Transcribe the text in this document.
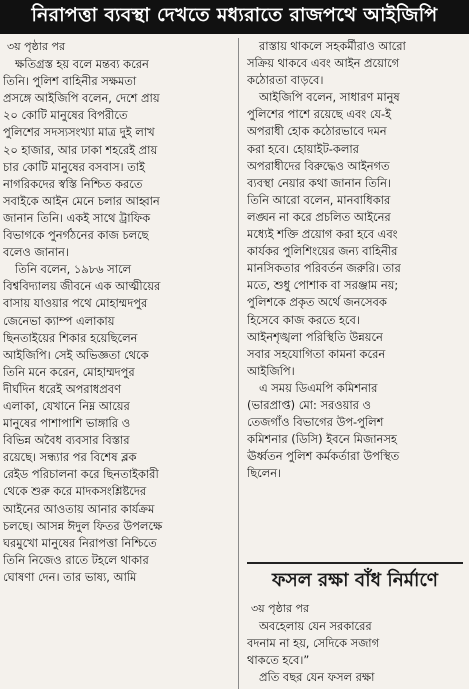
নিরাপত্তা ব্যবস্থা দেখতে মধ্যরাতে রাজপথে আইজিপি
৩য় পৃষ্ঠার পর

ক্ষতিগ্রস্ত হয় বলে মন্তব্য করেন
তিনি। পুলিশ বাহিনীর সক্ষমতা
প্রসঙ্গে আইজিপি বলেন, দেশে প্রায়
২০ কোটি মানুষের বিপরীতে
পুলিশের সদস্যসংখ্যা মাত্র দুই লাখ
২০ হাজার, আর ঢাকা শহরেই প্রায়
চার কোটি মানুষের বসবাস। তাই
নাগরিকদের স্বস্তি নিশ্চিত করতে
সবাইকে আইন মেনে চলার আহ্বান
জানান তিনি। একই সাথে ট্রাফিক
বিভাগকে পুনর্গঠনের কাজ চলছে
বলেও জানান।

তিনি বলেন, ১৯৮৬ সালে
বিশ্ববিদ্যালয় জীবনে এক আত্মীয়ের
বাসায় যাওয়ার পথে মোহাম্মদপুর
জেনেভা ক্যাম্প এলাকায়
ছিনতাইয়ের শিকার হয়েছিলেন
আইজিপি। সেই অভিজ্ঞতা থেকে
তিনি মনে করেন, মোহাম্মদপুর
দীর্ঘদিন ধরেই অপরাধপ্রবণ
এলাকা, যেখানে নিম্ন আয়ের
মানুষের পাশাপাশি ভাঙ্গারি ও
বিভিন্ন অবৈধ ব্যবসার বিস্তার
রয়েছে। সন্ধ্যার পর বিশেষ ব্লক
রেইড পরিচালনা করে ছিনতাইকারী
থেকে শুরু করে মাদকসংশ্লিষ্টদের
আইনের আওতায় আনার কার্যক্রম
চলছে। আসন্ন ঈদুল ফিতর উপলক্ষে
ঘরমুখো মানুষের নিরাপত্তা নিশ্চিতে
তিনি নিজেও রাতে টহলে থাকার
ঘোষণা দেন। তার ভাষ্য, আমি

রাস্তায় থাকলে সহকর্মীরাও আরো
সক্রিয় থাকবে এবং আইন প্রয়োগে
কঠোরতা বাড়বে।

আইজিপি বলেন, সাধারণ মানুষ
পুলিশের পাশে রয়েছে এবং যে-ই
অপরাধী হোক কঠোরভাবে দমন
করা হবে। হোয়াইট-কলার
অপরাধীদের বিরুদ্ধেও আইনগত
ব্যবস্থা নেয়ার কথা জানান তিনি।
তিনি আরো বলেন, মানবাধিকার
লঙ্ঘন না করে প্রচলিত আইনের
মধ্যেই শক্তি প্রয়োগ করা হবে এবং
কার্যকর পুলিশিংয়ের জন্য বাহিনীর
মানসিকতার পরিবর্তন জরুরি। তার
মতে, শুধু পোশাক বা সরঞ্জাম নয়;
পুলিশকে প্রকৃত অর্থে জনসেবক
হিসেবে কাজ করতে হবে।
আইনশৃঙ্খলা পরিস্থিতি উন্নয়নে
সবার সহযোগিতা কামনা করেন
আইজিপি।

এ সময় ডিএমপি কমিশনার
(ভারপ্রাপ্ত) মো: সরওয়ার ও
তেজগাঁও বিভাগের উপ-পুলিশ
কমিশনার (ডিসি) ইবনে মিজানসহ
ঊর্ধ্বতন পুলিশ কর্মকর্তারা উপস্থিত
ছিলেন।

ফসল রক্ষা বাঁধ নির্মাণে
৩য় পৃষ্ঠার পর
অবহেলায় যেন সরকারের
বদনাম না হয়, সেদিকে সজাগ
থাকতে হবে।”
প্রতি বছর যেন ফসল রক্ষা
